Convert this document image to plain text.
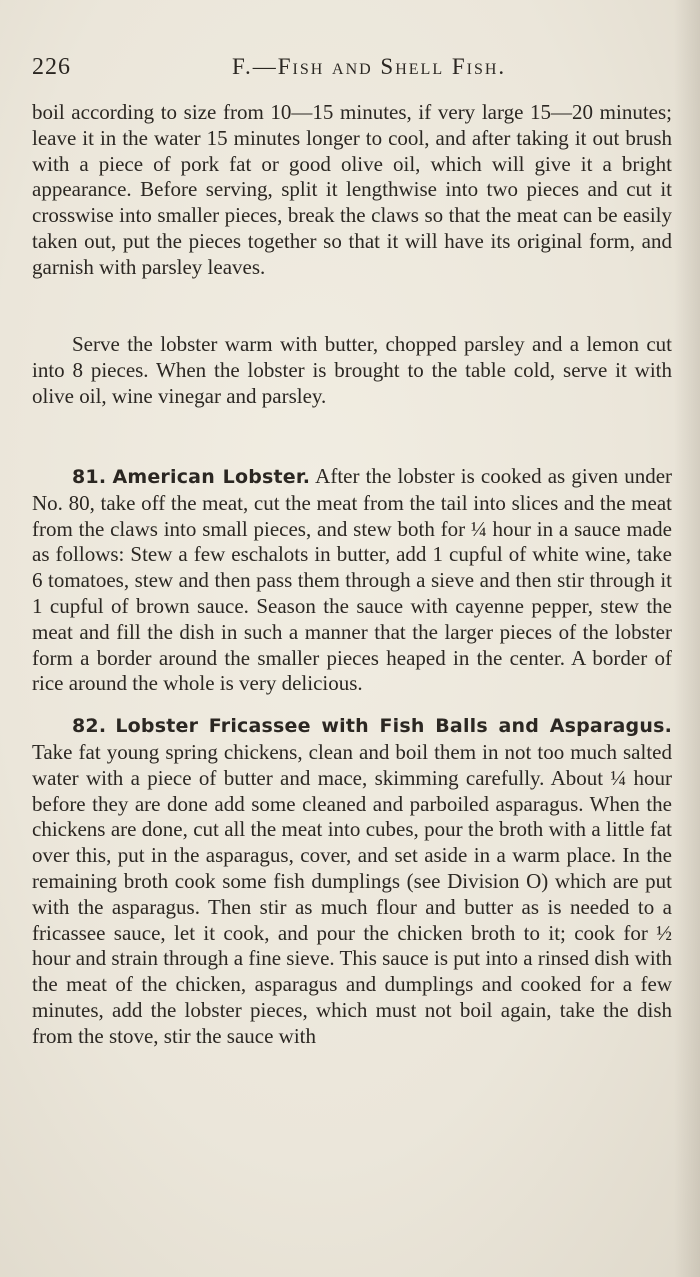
226	F.—Fish and Shell Fish.

boil according to size from 10—15 minutes, if very large 15—20 minutes; leave it in the water 15 minutes longer to cool, and after taking it out brush with a piece of pork fat or good olive oil, which will give it a bright appearance. Before serving, split it lengthwise into two pieces and cut it crosswise into smaller pieces, break the claws so that the meat can be easily taken out, put the pieces together so that it will have its original form, and garnish with parsley leaves.

Serve the lobster warm with butter, chopped parsley and a lemon cut into 8 pieces. When the lobster is brought to the table cold, serve it with olive oil, wine vinegar and parsley.

81. American Lobster. After the lobster is cooked as given under No. 80, take off the meat, cut the meat from the tail into slices and the meat from the claws into small pieces, and stew both for ¼ hour in a sauce made as follows: Stew a few eschalots in butter, add 1 cupful of white wine, take 6 tomatoes, stew and then pass them through a sieve and then stir through it 1 cupful of brown sauce. Season the sauce with cayenne pepper, stew the meat and fill the dish in such a manner that the larger pieces of the lobster form a border around the smaller pieces heaped in the center. A border of rice around the whole is very delicious.

82. Lobster Fricassee with Fish Balls and Asparagus. Take fat young spring chickens, clean and boil them in not too much salted water with a piece of butter and mace, skimming carefully. About ¼ hour before they are done add some cleaned and parboiled asparagus. When the chickens are done, cut all the meat into cubes, pour the broth with a little fat over this, put in the asparagus, cover, and set aside in a warm place. In the remaining broth cook some fish dumplings (see Division O) which are put with the asparagus. Then stir as much flour and butter as is needed to a fricassee sauce, let it cook, and pour the chicken broth to it; cook for ½ hour and strain through a fine sieve. This sauce is put into a rinsed dish with the meat of the chicken, asparagus and dumplings and cooked for a few minutes, add the lobster pieces, which must not boil again, take the dish from the stove, stir the sauce with
